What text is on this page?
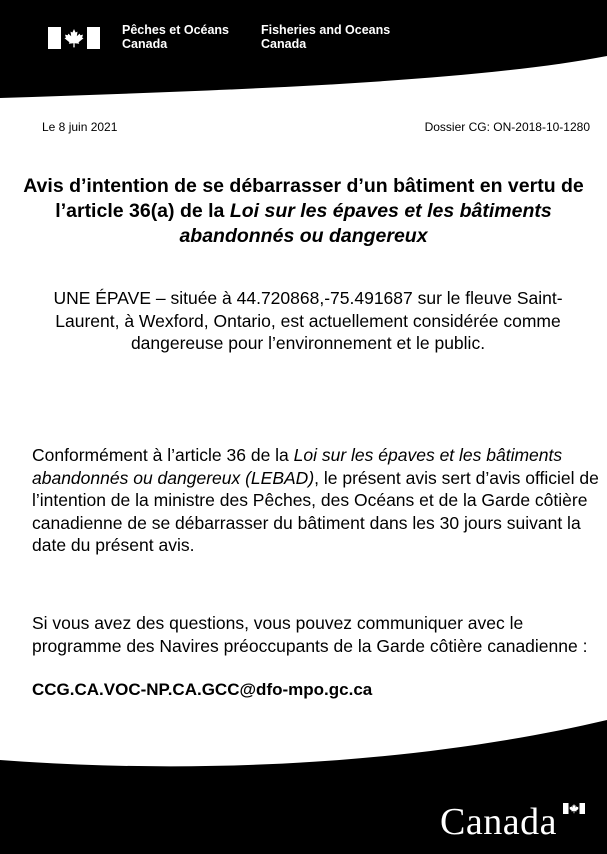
Pêches et Océans
Canada
Fisheries and Oceans
Canada
Le 8 juin 2021	Dossier CG: ON-2018-10-1280
Avis d’intention de se débarrasser d’un bâtiment en vertu de l’article 36(a) de la Loi sur les épaves et les bâtiments abandonnés ou dangereux

UNE ÉPAVE – située à 44.720868,-75.491687 sur le fleuve Saint-Laurent, à Wexford, Ontario, est actuellement considérée comme dangereuse pour l’environnement et le public.

Conformément à l’article 36 de la Loi sur les épaves et les bâtiments abandonnés ou dangereux (LEBAD), le présent avis sert d’avis officiel de l’intention de la ministre des Pêches, des Océans et de la Garde côtière canadienne de se débarrasser du bâtiment dans les 30 jours suivant la date du présent avis.

Si vous avez des questions, vous pouvez communiquer avec le programme des Navires préoccupants de la Garde côtière canadienne :

CCG.CA.VOC-NP.CA.GCC@dfo-mpo.gc.ca

Canada
